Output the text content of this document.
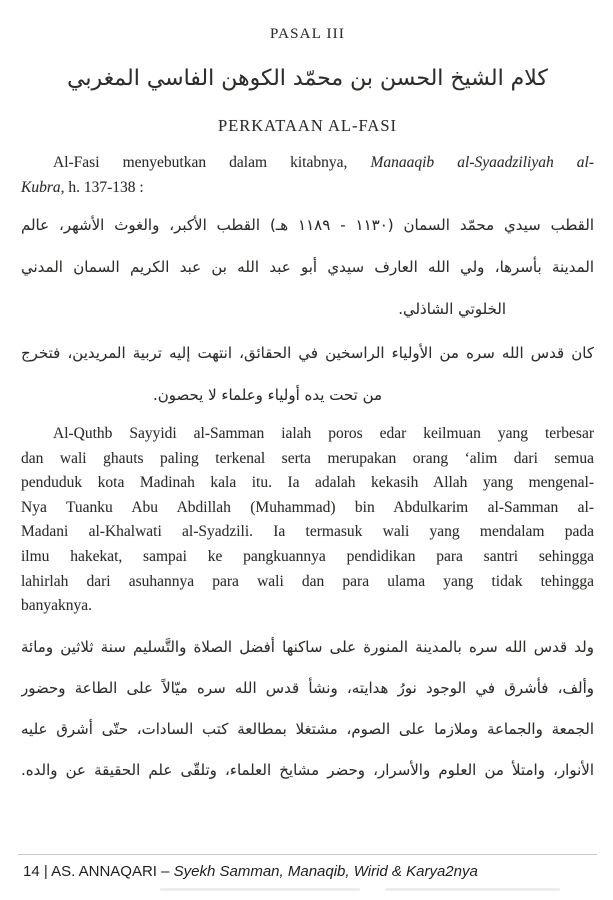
PASAL III
كلام الشيخ الحسن بن محمّد الكوهن الفاسي المغربي
PERKATAAN AL-FASI
Al-Fasi menyebutkan dalam kitabnya, Manaaqib al-Syaadziliyah al-
Kubra, h. 137-138 :
القطب سيدي محمّد السمان ‪(١١٣٠ - ١١٨٩ هـ)‬ القطب الأكبر، والغوث الأشهر، عالم
المدينة بأسرها، ولي الله العارف سيدي أبو عبد الله بن عبد الكريم السمان المدني
الخلوتي الشاذلي.
كان قدس الله سره من الأولياء الراسخين في الحقائق، انتهت إليه تربية المريدين، فتخرج
من تحت يده أولياء وعلماء لا يحصون.
Al-Quthb Sayyidi al-Samman ialah poros edar keilmuan yang terbesar
dan wali ghauts paling terkenal serta merupakan orang ‘alim dari semua
penduduk kota Madinah kala itu. Ia adalah kekasih Allah yang mengenal-
Nya Tuanku Abu Abdillah (Muhammad) bin Abdulkarim al-Samman al-
Madani al-Khalwati al-Syadzili. Ia termasuk wali yang mendalam pada
ilmu hakekat, sampai ke pangkuannya pendidikan para santri sehingga
lahirlah dari asuhannya para wali dan para ulama yang tidak tehingga
banyaknya.
ولد قدس الله سره بالمدينة المنورة على ساكنها أفضل الصلاة والتَّسليم سنة ثلاثين ومائة
وألف، فأشرق في الوجود نورُ هدايته، ونشأ قدس الله سره ميّالاً على الطاعة وحضور
الجمعة والجماعة وملازما على الصوم، مشتغلا بمطالعة كتب السادات، حتّى أشرق عليه
الأنوار، وامتلأ من العلوم والأسرار، وحضر مشايخ العلماء، وتلقّى علم الحقيقة عن والده.
14 | AS. ANNAQARI – Syekh Samman, Manaqib, Wirid & Karya2nya
